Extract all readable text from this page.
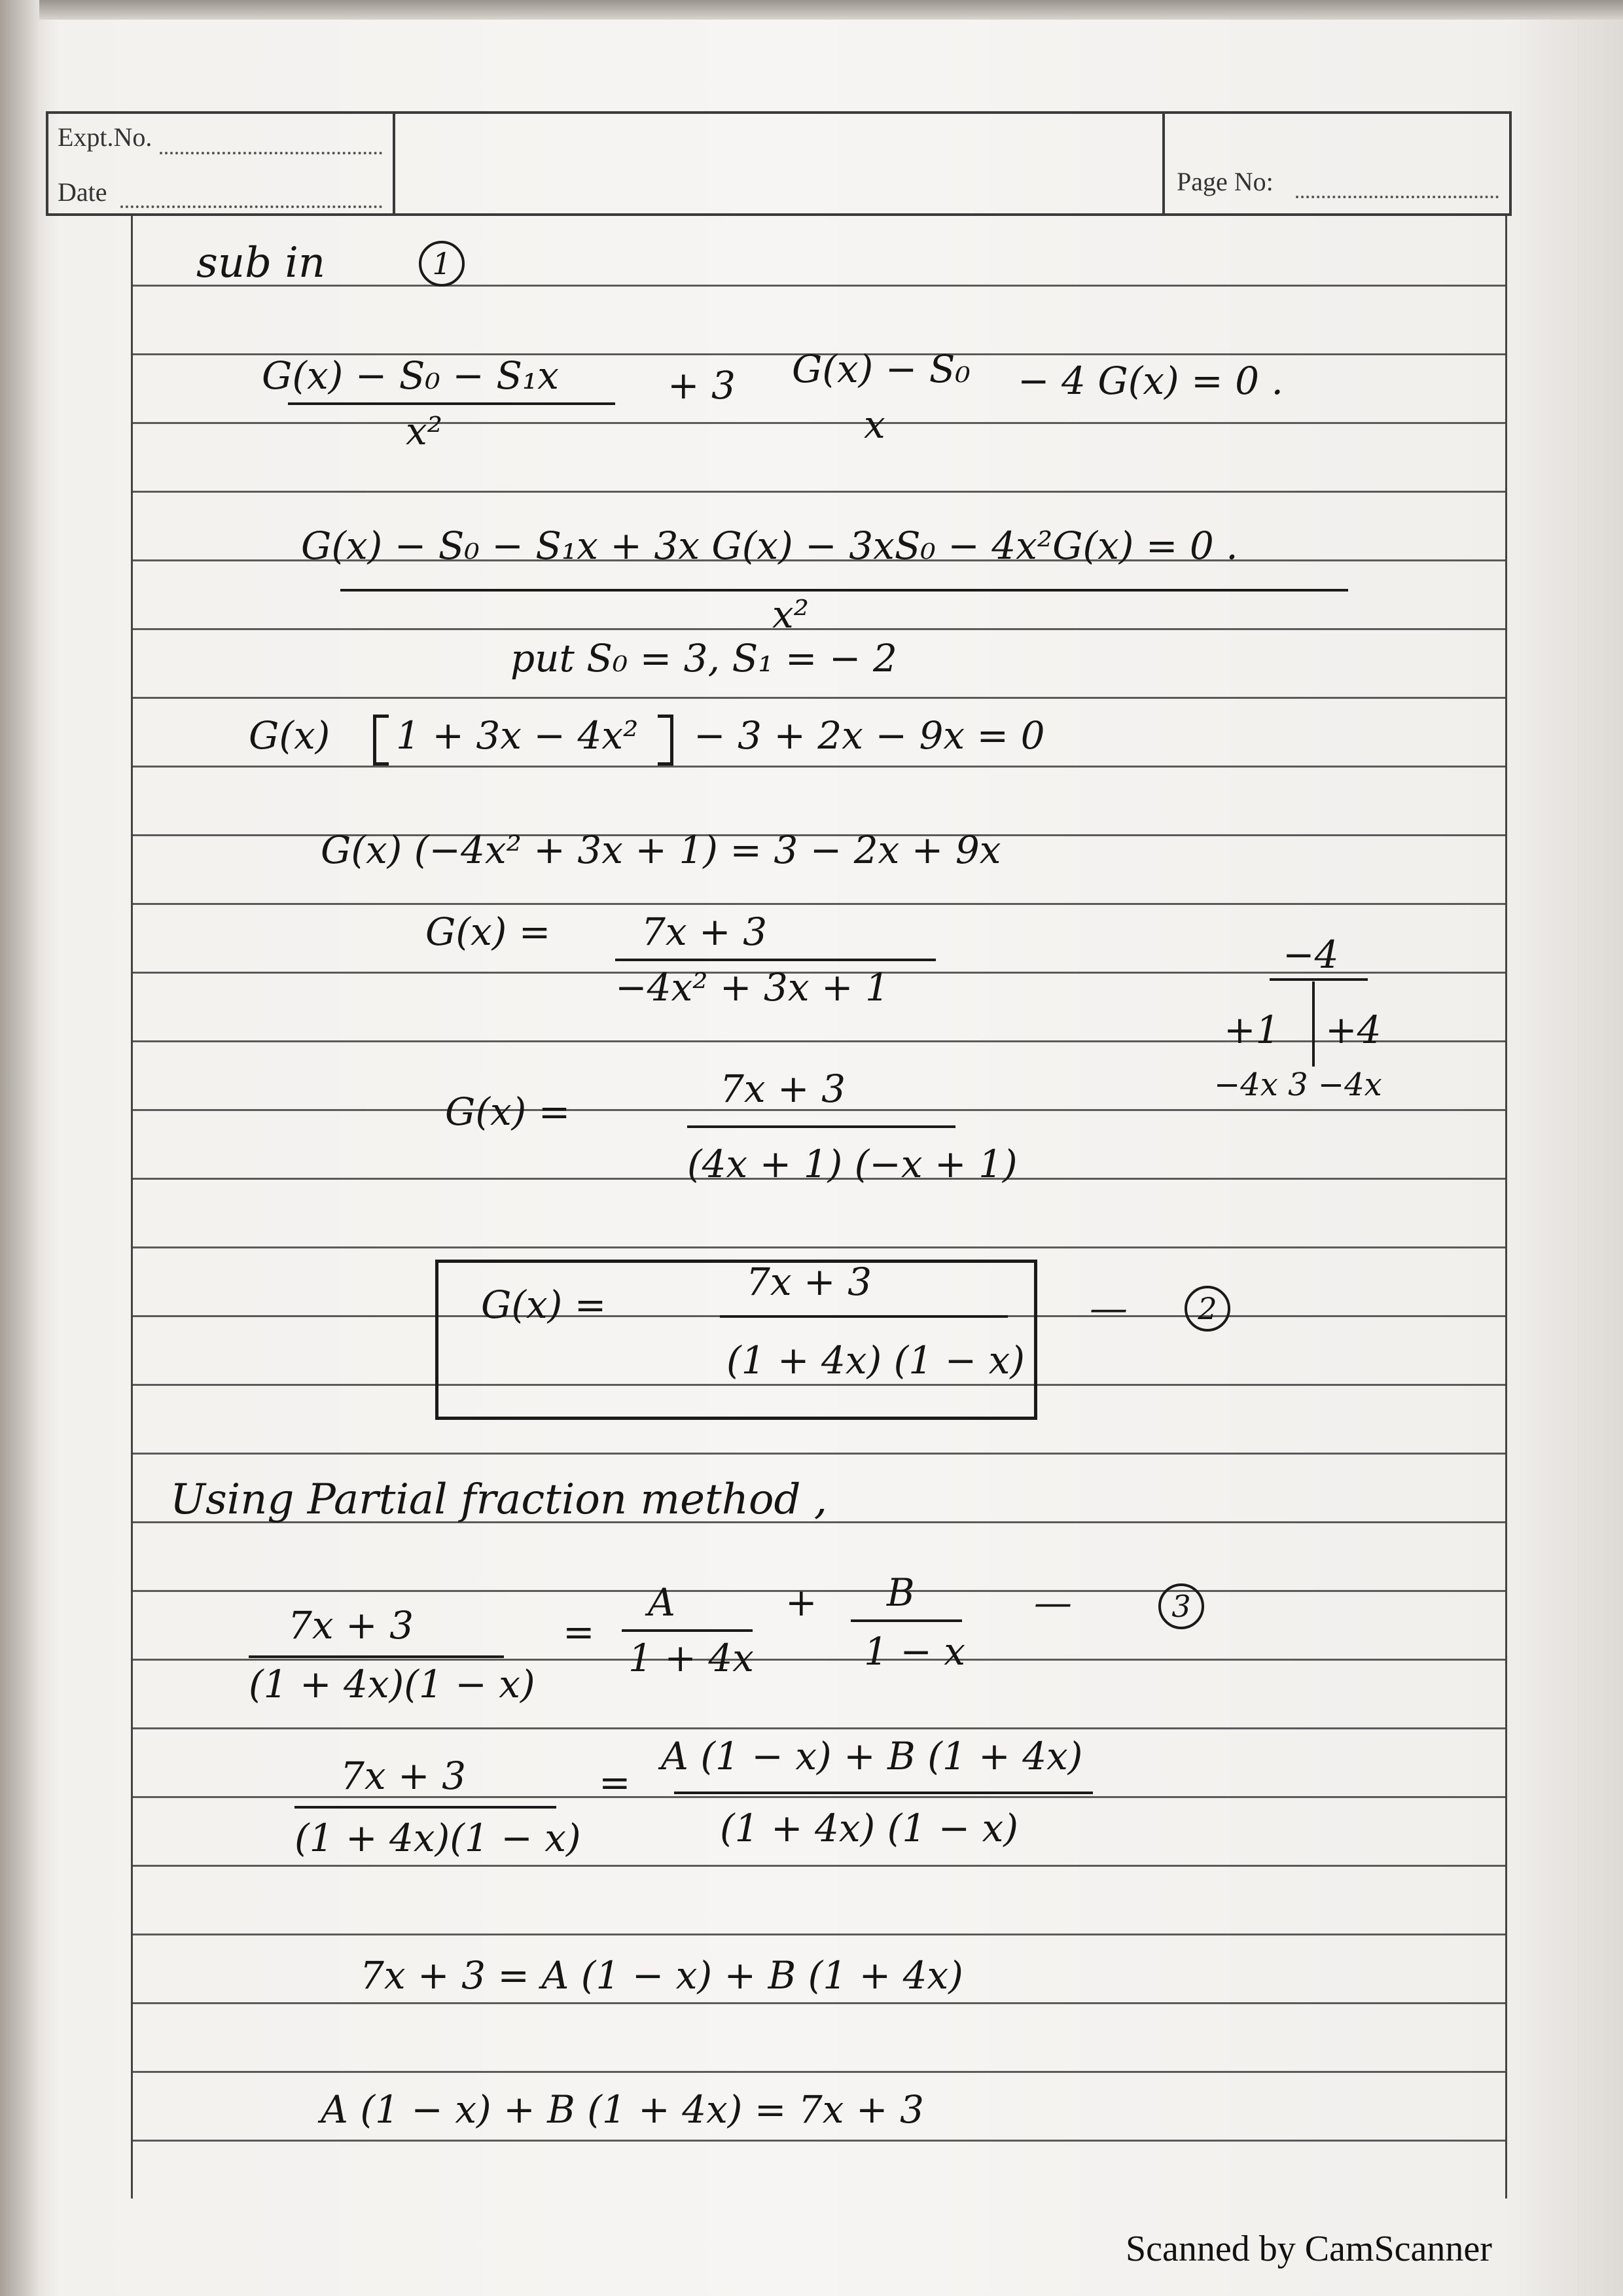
Expt.No.
Date	Page No:
sub in	1
G(x) − S₀ − S₁x
x²
+ 3 G(x) − S₀
x
− 4 G(x) = 0 .
G(x) − S₀ − S₁x + 3x G(x) − 3xS₀ − 4x²G(x) = 0 .
x²
put S₀ = 3, S₁ = − 2
G(x) 1 + 3x − 4x² − 3 + 2x − 9x = 0
G(x) (−4x² + 3x + 1) = 3 − 2x + 9x
G(x) = 7x + 3
−4x² + 3x + 1
−4
+1 +4
−4x 3 −4x
G(x) =
7x + 3
(4x + 1) (−x + 1)
G(x) =
7x + 3
(1 + 4x) (1 − x)
—	2
Using Partial fraction method ,
7x + 3
(1 + 4x)(1 − x)
=
A
1 + 4x
+ B
1 − x
—	3
7x + 3
(1 + 4x)(1 − x)
=
A (1 − x) + B (1 + 4x)
(1 + 4x) (1 − x)
7x + 3 = A (1 − x) + B (1 + 4x)
A (1 − x) + B (1 + 4x) = 7x + 3
Scanned by CamScanner
